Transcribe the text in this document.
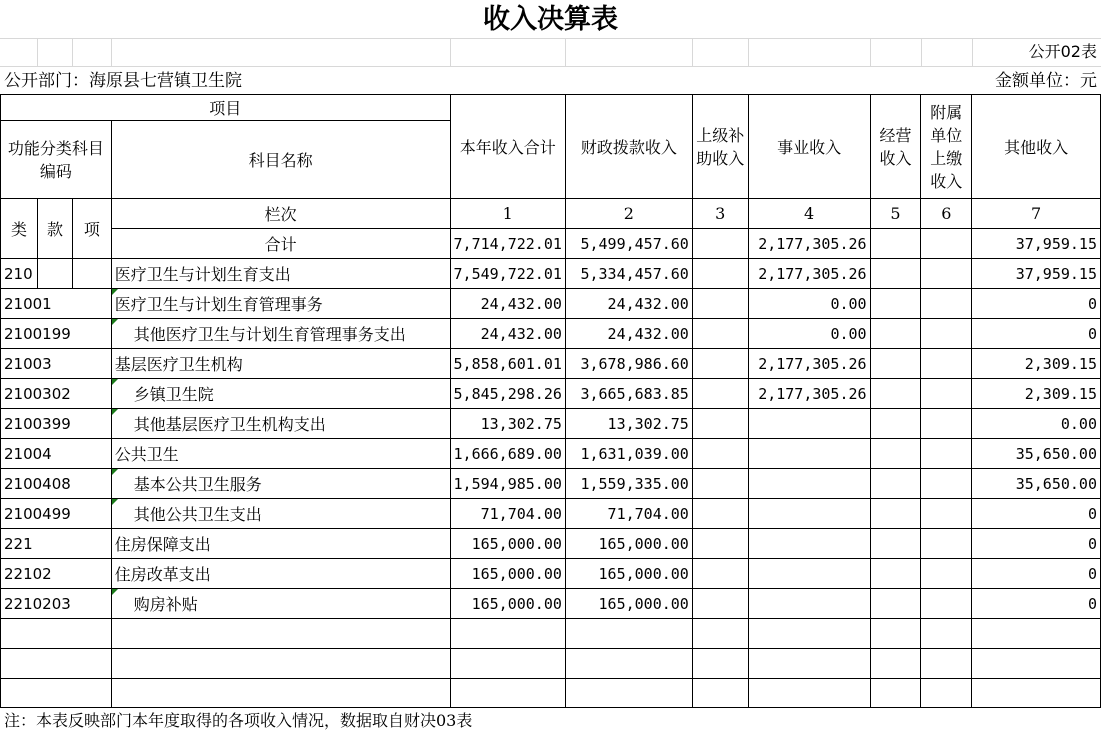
收入决算表
公开02表
公开部门：海原县七营镇卫生院	金额单位：元
项目				本年收入合计	财政拨款收入	上级补助收入	事业收入	经营收入	附属单位上缴收入	其他收入
功能分类科目编码			科目名称							
类	款	项	栏次	1	2	3	4	5	6	7
			合计	7,714,722.01	5,499,457.60		2,177,305.26			37,959.15
210			医疗卫生与计划生育支出	7,549,722.01	5,334,457.60		2,177,305.26			37,959.15
21001			医疗卫生与计划生育管理事务	24,432.00	24,432.00		0.00			0
2100199			其他医疗卫生与计划生育管理事务支出	24,432.00	24,432.00		0.00			0
21003			基层医疗卫生机构	5,858,601.01	3,678,986.60		2,177,305.26			2,309.15
2100302			乡镇卫生院	5,845,298.26	3,665,683.85		2,177,305.26			2,309.15
2100399			其他基层医疗卫生机构支出	13,302.75	13,302.75					0.00
21004			公共卫生	1,666,689.00	1,631,039.00					35,650.00
2100408			基本公共卫生服务	1,594,985.00	1,559,335.00					35,650.00
2100499			其他公共卫生支出	71,704.00	71,704.00					0
221			住房保障支出	165,000.00	165,000.00					0
22102			住房改革支出	165,000.00	165,000.00					0
2210203			购房补贴	165,000.00	165,000.00					0

注：本表反映部门本年度取得的各项收入情况，数据取自财决03表
